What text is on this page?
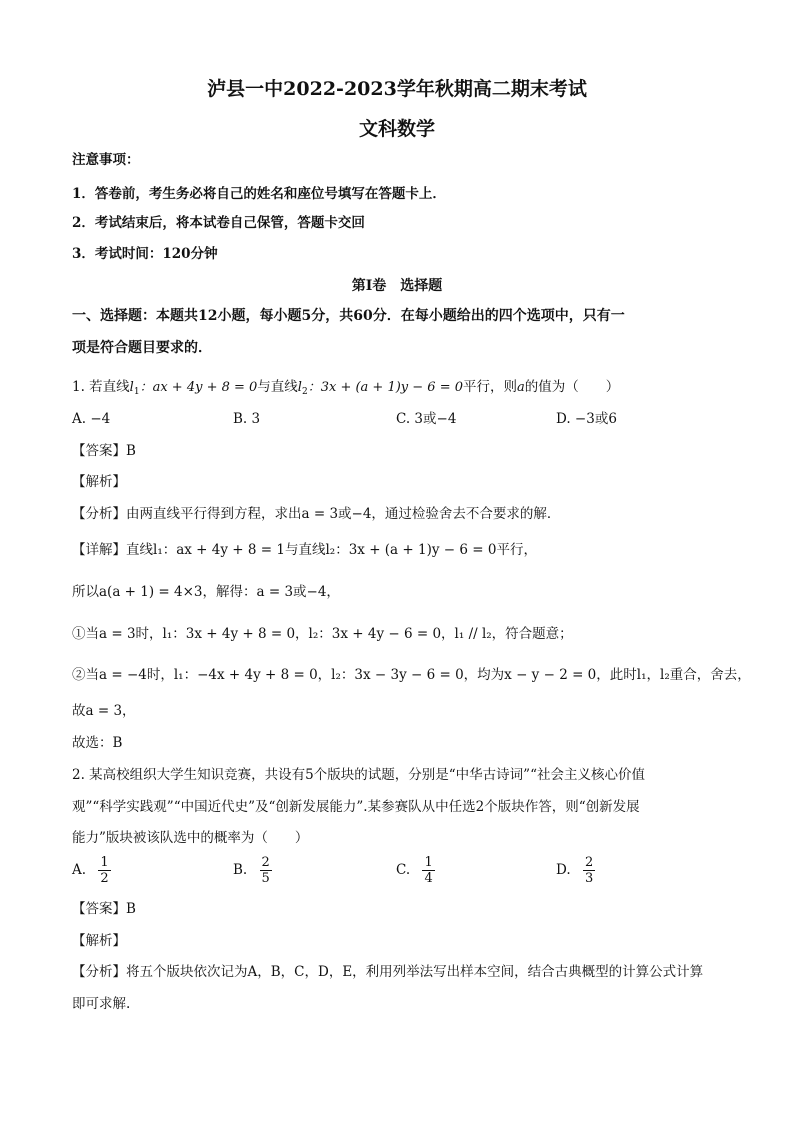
泸县一中2022-2023学年秋期高二期末考试
文科数学
注意事项：
1．答卷前，考生务必将自己的姓名和座位号填写在答题卡上．
2．考试结束后，将本试卷自己保管，答题卡交回
3．考试时间：120分钟
第I卷　选择题
一、选择题：本题共12小题，每小题5分，共60分．在每小题给出的四个选项中，只有一
项是符合题目要求的．
1. 若直线$l_1$：ax + 4y + 8 = 0与直线$l_2$：3x + (a + 1)y − 6 = 0平行，则a的值为（　　）
A. −4	B. 3	C. 3或−4	D. −3或6
【答案】B
【解析】
【分析】由两直线平行得到方程，求出a = 3或−4，通过检验舍去不合要求的解．
【详解】直线l₁：ax + 4y + 8 = 1与直线l₂：3x + (a + 1)y − 6 = 0平行，
所以a(a + 1) = 4×3，解得：a = 3或−4，
①当a = 3时，l₁：3x + 4y + 8 = 0，l₂：3x + 4y − 6 = 0，l₁ // l₂，符合题意；
②当a = −4时，l₁：−4x + 4y + 8 = 0，l₂：3x − 3y − 6 = 0，均为x − y − 2 = 0，此时l₁，l₂重合，舍去，
故a = 3，
故选：B
2. 某高校组织大学生知识竞赛，共设有5个版块的试题，分别是“中华古诗词”“社会主义核心价值
观”“科学实践观”“中国近代史”及“创新发展能力”.某参赛队从中任选2个版块作答，则“创新发展
能力”版块被该队选中的概率为（　　）
A. $\frac{1}{2}$	B. $\frac{2}{5}$	C. $\frac{1}{4}$	D. $\frac{2}{3}$
【答案】B
【解析】
【分析】将五个版块依次记为A，B，C，D，E，利用列举法写出样本空间，结合古典概型的计算公式计算
即可求解.
